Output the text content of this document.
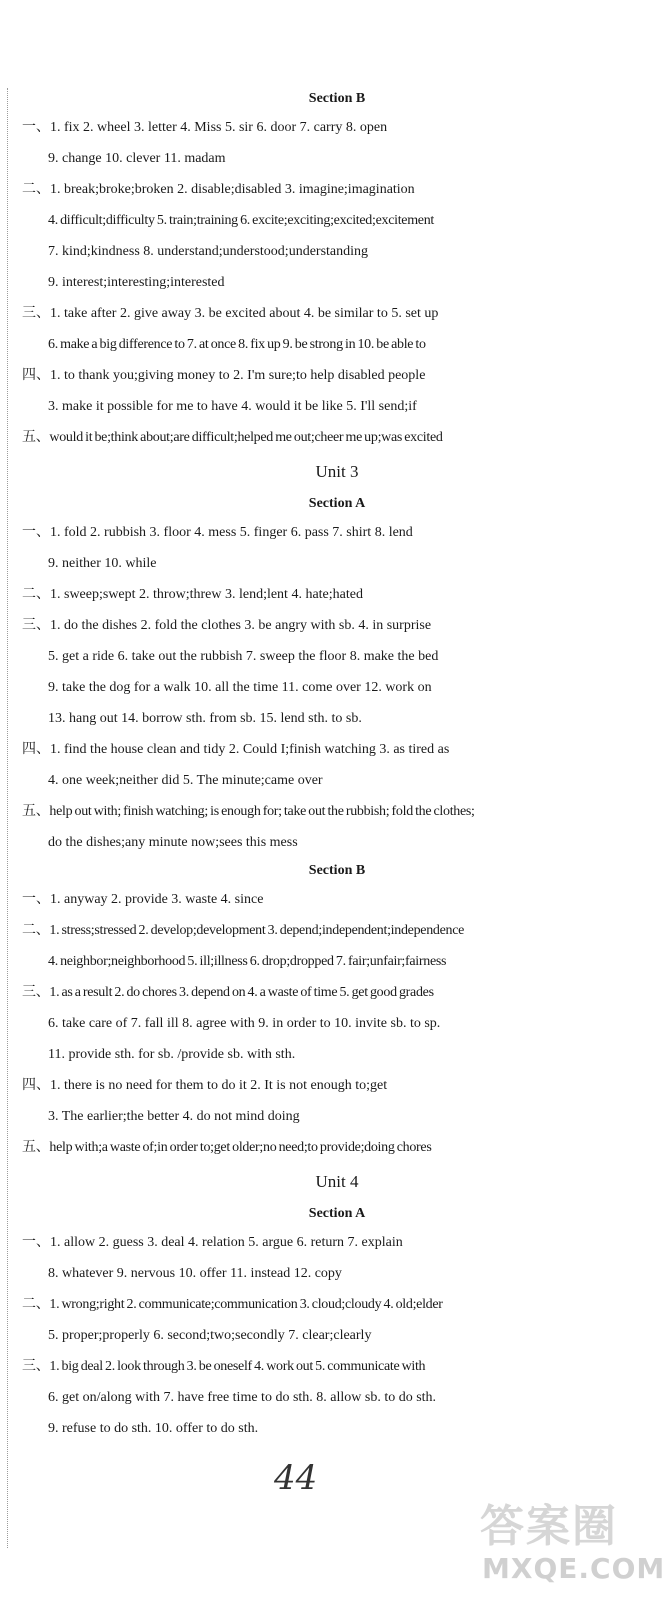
Section B
一、1. fix 2. wheel 3. letter 4. Miss 5. sir 6. door 7. carry 8. open
9. change 10. clever 11. madam
二、1. break;broke;broken 2. disable;disabled 3. imagine;imagination
4. difficult;difficulty 5. train;training 6. excite;exciting;excited;excitement
7. kind;kindness 8. understand;understood;understanding
9. interest;interesting;interested
三、1. take after 2. give away 3. be excited about 4. be similar to 5. set up
6. make a big difference to 7. at once 8. fix up 9. be strong in 10. be able to
四、1. to thank you;giving money to 2. I'm sure;to help disabled people
3. make it possible for me to have 4. would it be like 5. I'll send;if
五、would it be;think about;are difficult;helped me out;cheer me up;was excited
Unit 3
Section A
一、1. fold 2. rubbish 3. floor 4. mess 5. finger 6. pass 7. shirt 8. lend
9. neither 10. while
二、1. sweep;swept 2. throw;threw 3. lend;lent 4. hate;hated
三、1. do the dishes 2. fold the clothes 3. be angry with sb. 4. in surprise
5. get a ride 6. take out the rubbish 7. sweep the floor 8. make the bed
9. take the dog for a walk 10. all the time 11. come over 12. work on
13. hang out 14. borrow sth. from sb. 15. lend sth. to sb.
四、1. find the house clean and tidy 2. Could I;finish watching 3. as tired as
4. one week;neither did 5. The minute;came over
五、help out with; finish watching; is enough for; take out the rubbish; fold the clothes;
do the dishes;any minute now;sees this mess
Section B
一、1. anyway 2. provide 3. waste 4. since
二、1. stress;stressed 2. develop;development 3. depend;independent;independence
4. neighbor;neighborhood 5. ill;illness 6. drop;dropped 7. fair;unfair;fairness
三、1. as a result 2. do chores 3. depend on 4. a waste of time 5. get good grades
6. take care of 7. fall ill 8. agree with 9. in order to 10. invite sb. to sp.
11. provide sth. for sb. /provide sb. with sth.
四、1. there is no need for them to do it 2. It is not enough to;get
3. The earlier;the better 4. do not mind doing
五、help with;a waste of;in order to;get older;no need;to provide;doing chores
Unit 4
Section A
一、1. allow 2. guess 3. deal 4. relation 5. argue 6. return 7. explain
8. whatever 9. nervous 10. offer 11. instead 12. copy
二、1. wrong;right 2. communicate;communication 3. cloud;cloudy 4. old;elder
5. proper;properly 6. second;two;secondly 7. clear;clearly
三、1. big deal 2. look through 3. be oneself 4. work out 5. communicate with
6. get on/along with 7. have free time to do sth. 8. allow sb. to do sth.
9. refuse to do sth. 10. offer to do sth.
44
答案圈
MXQE.COM
